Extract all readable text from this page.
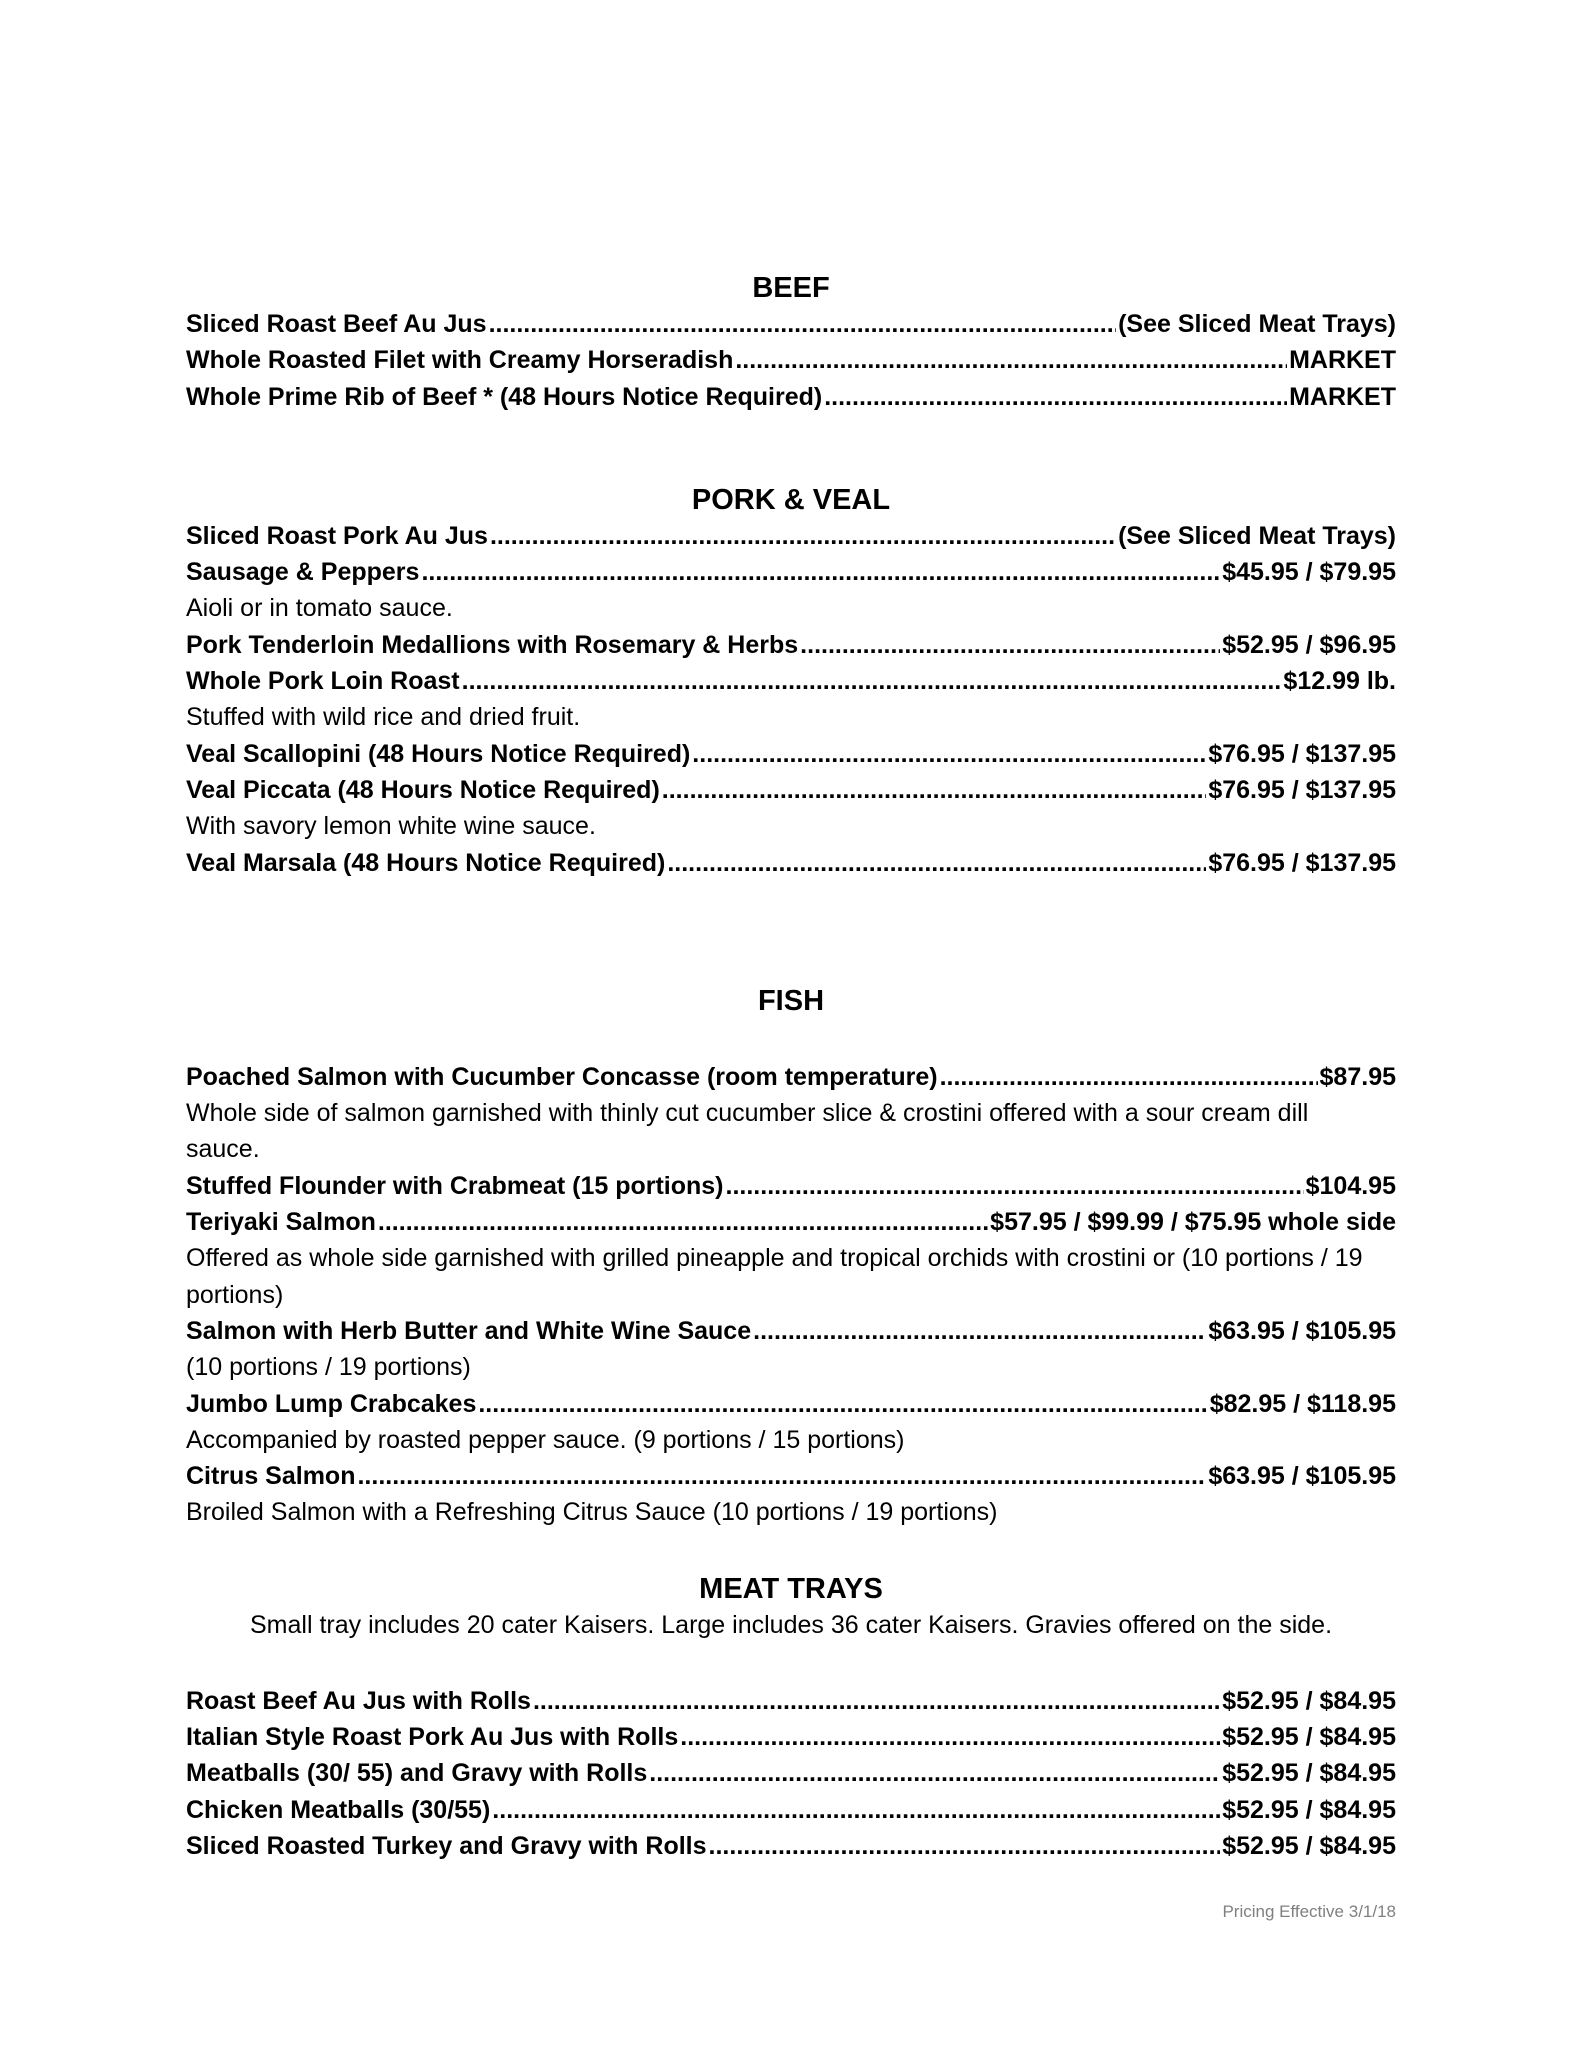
BEEF
Sliced Roast Beef Au Jus .....	(See Sliced Meat Trays)
Whole Roasted Filet with Creamy Horseradish .....	MARKET
Whole Prime Rib of Beef * (48 Hours Notice Required) .....	MARKET
PORK & VEAL
Sliced Roast Pork Au Jus .....	(See Sliced Meat Trays)
Sausage & Peppers .....	$45.95 / $79.95
Aioli or in tomato sauce.
Pork Tenderloin Medallions with Rosemary & Herbs .....	$52.95 / $96.95
Whole Pork Loin Roast .....	$12.99 lb.
Stuffed with wild rice and dried fruit.
Veal Scallopini (48 Hours Notice Required) .....	$76.95 / $137.95
Veal Piccata (48 Hours Notice Required) .....	$76.95 / $137.95
With savory lemon white wine sauce.
Veal Marsala (48 Hours Notice Required) .....	$76.95 / $137.95
FISH
Poached Salmon with Cucumber Concasse (room temperature) .....	$87.95
Whole side of salmon garnished with thinly cut cucumber slice & crostini offered with a sour cream dill sauce.
Stuffed Flounder with Crabmeat (15 portions) .....	$104.95
Teriyaki Salmon .....	$57.95 / $99.99 / $75.95 whole side
Offered as whole side garnished with grilled pineapple and tropical orchids with crostini or (10 portions / 19 portions)
Salmon with Herb Butter and White Wine Sauce .....	$63.95 / $105.95
(10 portions / 19 portions)
Jumbo Lump Crabcakes .....	$82.95 / $118.95
Accompanied by roasted pepper sauce. (9 portions / 15 portions)
Citrus Salmon .....	$63.95 / $105.95
Broiled Salmon with a Refreshing Citrus Sauce (10 portions / 19 portions)
MEAT TRAYS
Small tray includes 20 cater Kaisers. Large includes 36 cater Kaisers. Gravies offered on the side.
Roast Beef Au Jus with Rolls .....	$52.95 / $84.95
Italian Style Roast Pork Au Jus with Rolls .....	$52.95 / $84.95
Meatballs (30/ 55) and Gravy with Rolls .....	$52.95 / $84.95
Chicken Meatballs (30/55) .....	$52.95 / $84.95
Sliced Roasted Turkey and Gravy with Rolls .....	$52.95 / $84.95
Pricing Effective 3/1/18
